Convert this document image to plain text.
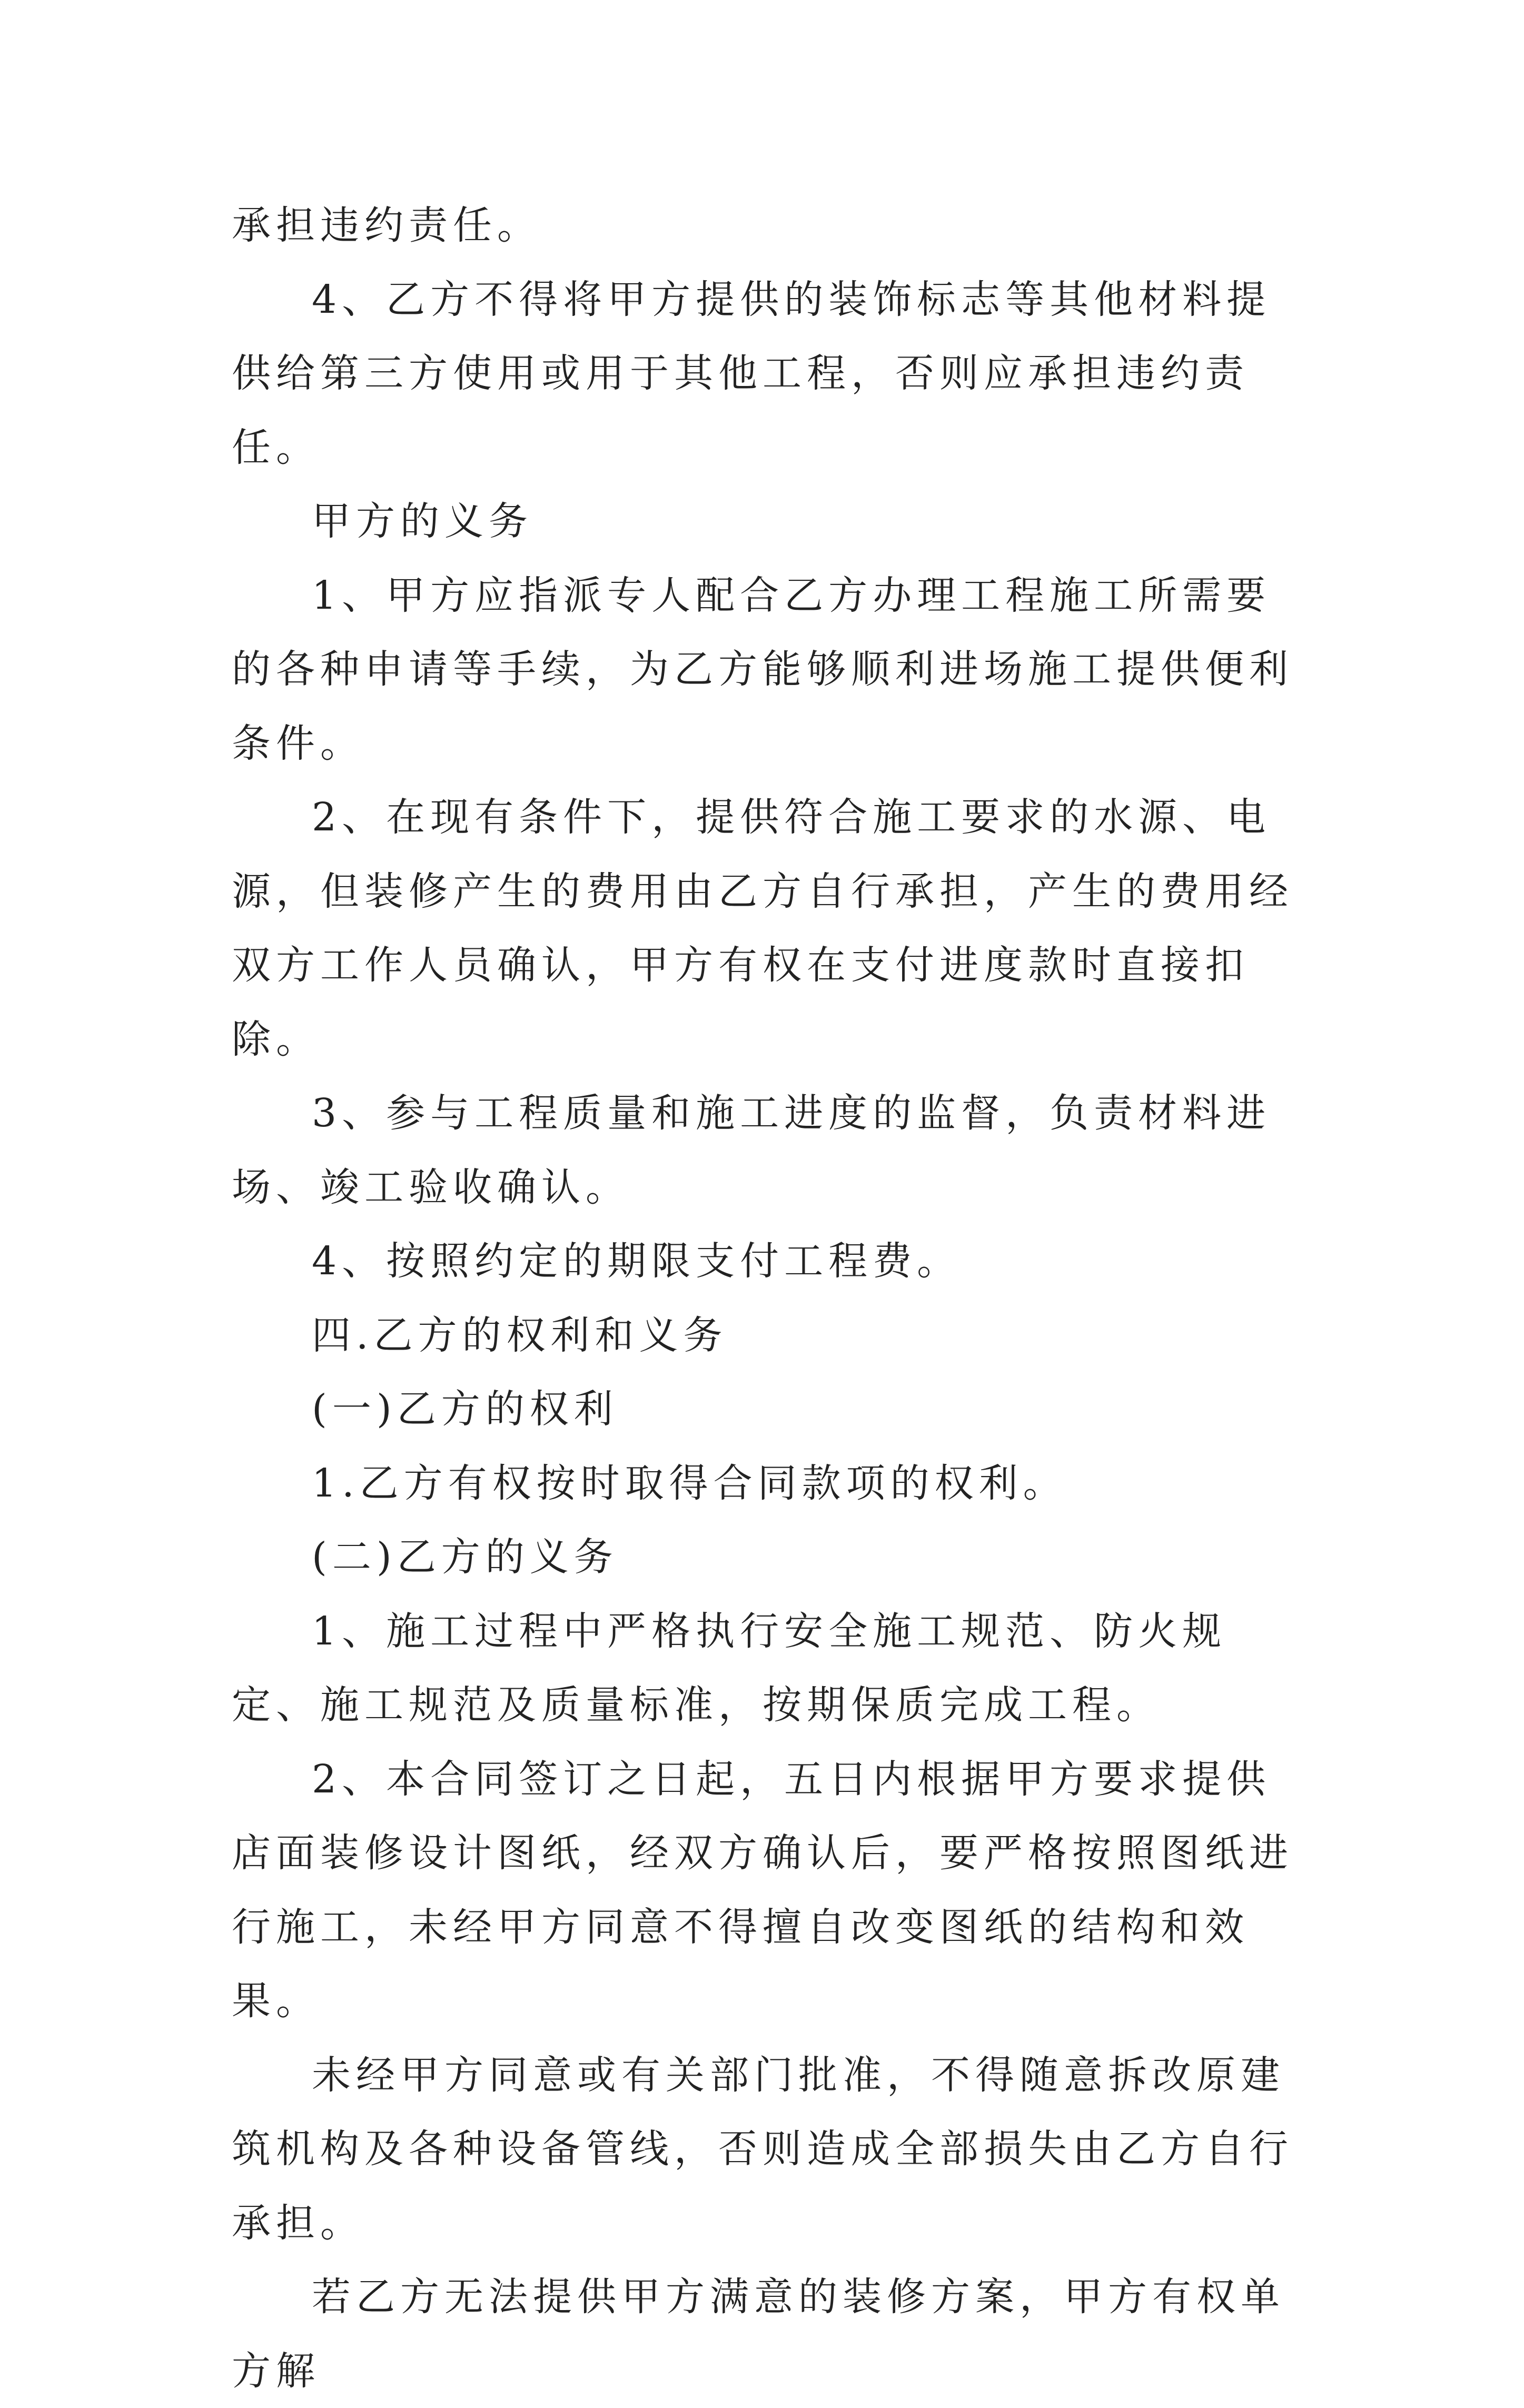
承担违约责任。

4、乙方不得将甲方提供的装饰标志等其他材料提供给第三方使用或用于其他工程，否则应承担违约责任。

甲方的义务

1、甲方应指派专人配合乙方办理工程施工所需要的各种申请等手续，为乙方能够顺利进场施工提供便利条件。

2、在现有条件下，提供符合施工要求的水源、电源，但装修产生的费用由乙方自行承担，产生的费用经双方工作人员确认，甲方有权在支付进度款时直接扣除。

3、参与工程质量和施工进度的监督，负责材料进场、竣工验收确认。

4、按照约定的期限支付工程费。

四.乙方的权利和义务

(一)乙方的权利

1.乙方有权按时取得合同款项的权利。

(二)乙方的义务

1、施工过程中严格执行安全施工规范、防火规定、施工规范及质量标准，按期保质完成工程。

2、本合同签订之日起，五日内根据甲方要求提供店面装修设计图纸，经双方确认后，要严格按照图纸进行施工，未经甲方同意不得擅自改变图纸的结构和效果。

未经甲方同意或有关部门批准，不得随意拆改原建筑机构及各种设备管线，否则造成全部损失由乙方自行承担。

若乙方无法提供甲方满意的装修方案，甲方有权单方解
